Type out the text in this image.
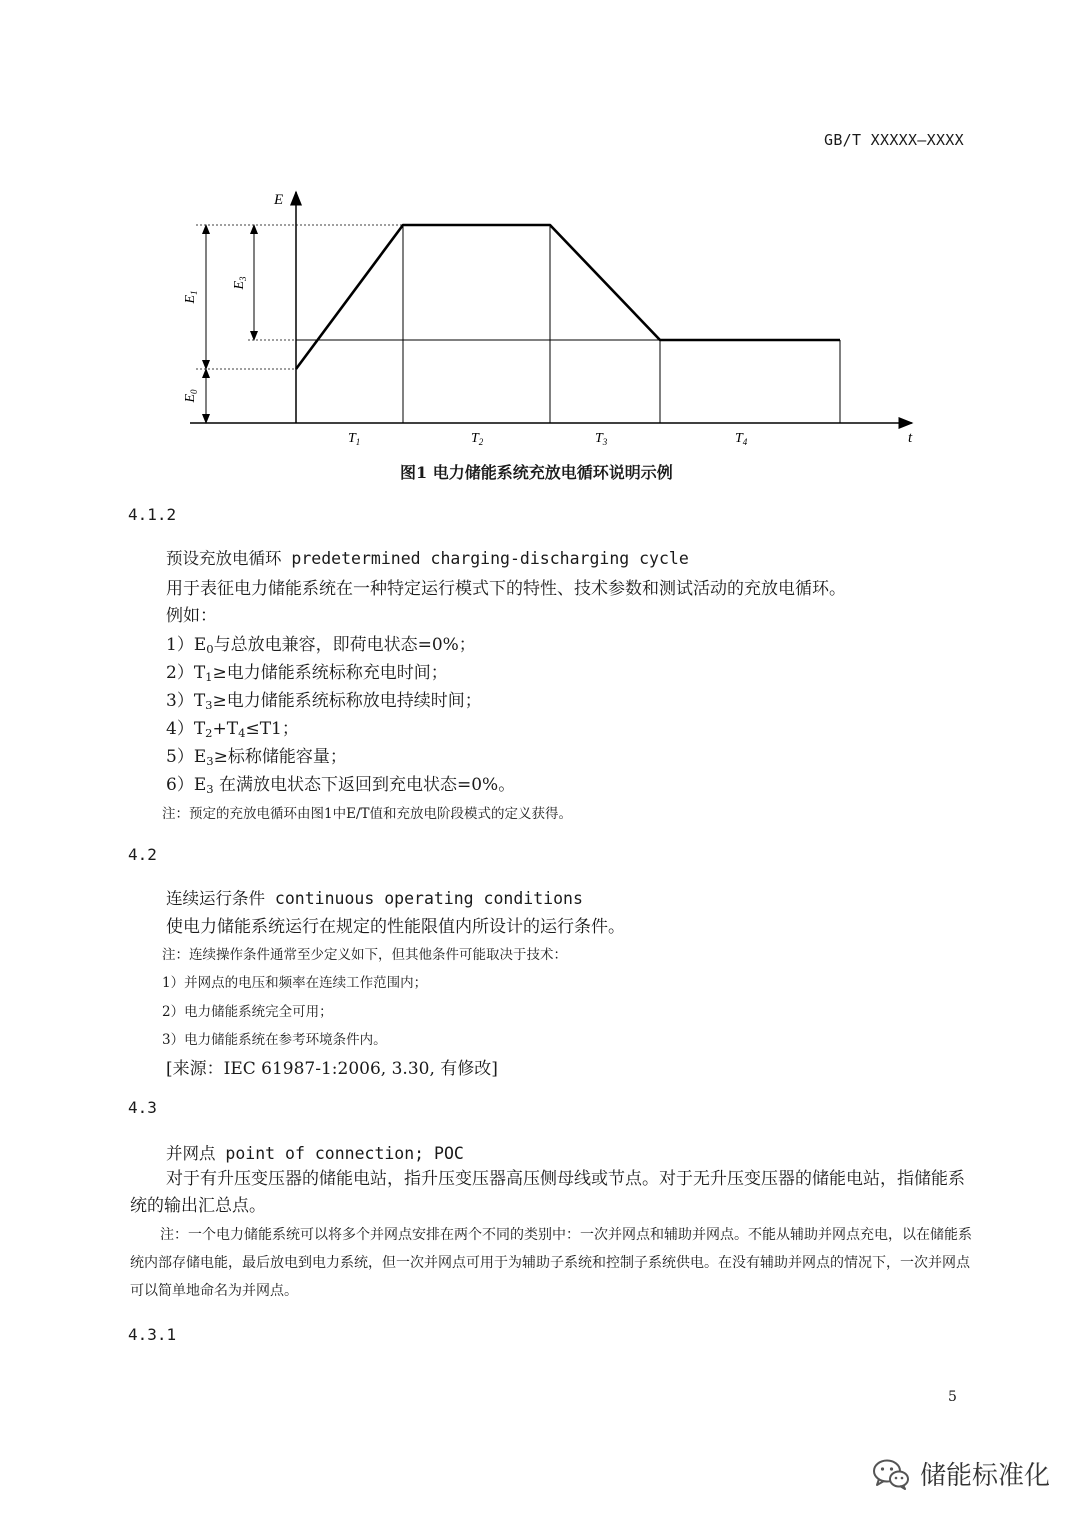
GB/T XXXXX—XXXX
E
t
$E_1$
$E_3$
$E_0$
$T_1$	$T_2$	$T_3$	$T_4$
图1 电力储能系统充放电循环说明示例
4.1.2
预设充放电循环 predetermined charging-discharging cycle
用于表征电力储能系统在一种特定运行模式下的特性、技术参数和测试活动的充放电循环。
例如：
$1)E_0$与总放电兼容，即荷电状态=0%；
$2)T_1\ge$电力储能系统标称充电时间；
$3)T_3\ge$电力储能系统标称放电持续时间；
$4)T_2+T_4\le T1$；
$5)E_3\ge$标称储能容量；
$6)E_3$ 在满放电状态下返回到充电状态=0%。
注：预定的充放电循环由图1中E/T值和充放电阶段模式的定义获得。
4.2
连续运行条件 continuous operating conditions
使电力储能系统运行在规定的性能限值内所设计的运行条件。
注：连续操作条件通常至少定义如下，但其他条件可能取决于技术：
1）并网点的电压和频率在连续工作范围内；
2）电力储能系统完全可用；
3）电力储能系统在参考环境条件内。
[来源：IEC 61987-1:2006, 3.30, 有修改]
4.3
并网点 point of connection; POC
对于有升压变压器的储能电站，指升压变压器高压侧母线或节点。对于无升压变压器的储能电站，指储能系统的输出汇总点。
注：一个电力储能系统可以将多个并网点安排在两个不同的类别中：一次并网点和辅助并网点。不能从辅助并网点充电，以在储能系统内部存储电能，最后放电到电力系统，但一次并网点可用于为辅助子系统和控制子系统供电。在没有辅助并网点的情况下，一次并网点可以简单地命名为并网点。
4.3.1
5
储能标准化
